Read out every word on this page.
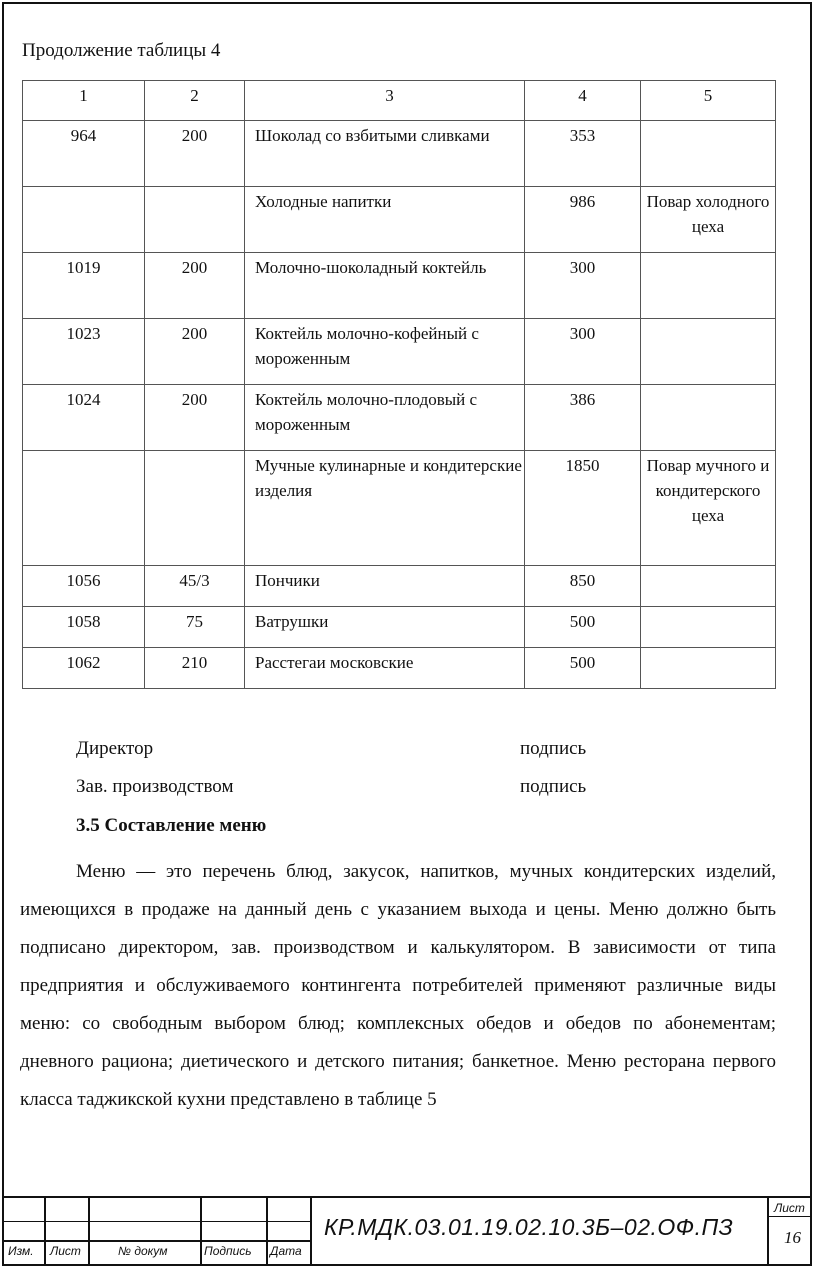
Продолжение таблицы 4
1	2	3	4	5
964	200	Шоколад со взбитыми сливками	353	
		Холодные напитки	986	Повар холодного цеха
1019	200	Молочно-шоколадный коктейль	300	
1023	200	Коктейль молочно-кофейный с мороженным	300	
1024	200	Коктейль молочно-плодовый с мороженным	386	
		Мучные кулинарные и кондитерские изделия	1850	Повар мучного и кондитерского цеха
1056	45/3	Пончики	850	
1058	75	Ватрушки	500	
1062	210	Расстегаи московские	500	
Директор	подпись
Зав. производством	подпись
3.5 Составление меню

Меню — это перечень блюд, закусок, напитков, мучных кондитерских изделий, имеющихся в продаже на данный день с указанием выхода и цены. Меню должно быть подписано директором, зав. производством и калькулятором. В зависимости от типа предприятия и обслуживаемого контингента потребителей применяют различные виды меню: со свободным выбором блюд; комплексных обедов и обедов по абонементам; дневного рациона; диетического и детского питания; банкетное. Меню ресторана первого класса таджикской кухни представлено в таблице 5

Изм. Лист	№ докум	Подпись Дата
КР.МДК.03.01.19.02.10.3Б–02.ОФ.ПЗ
Лист
16
